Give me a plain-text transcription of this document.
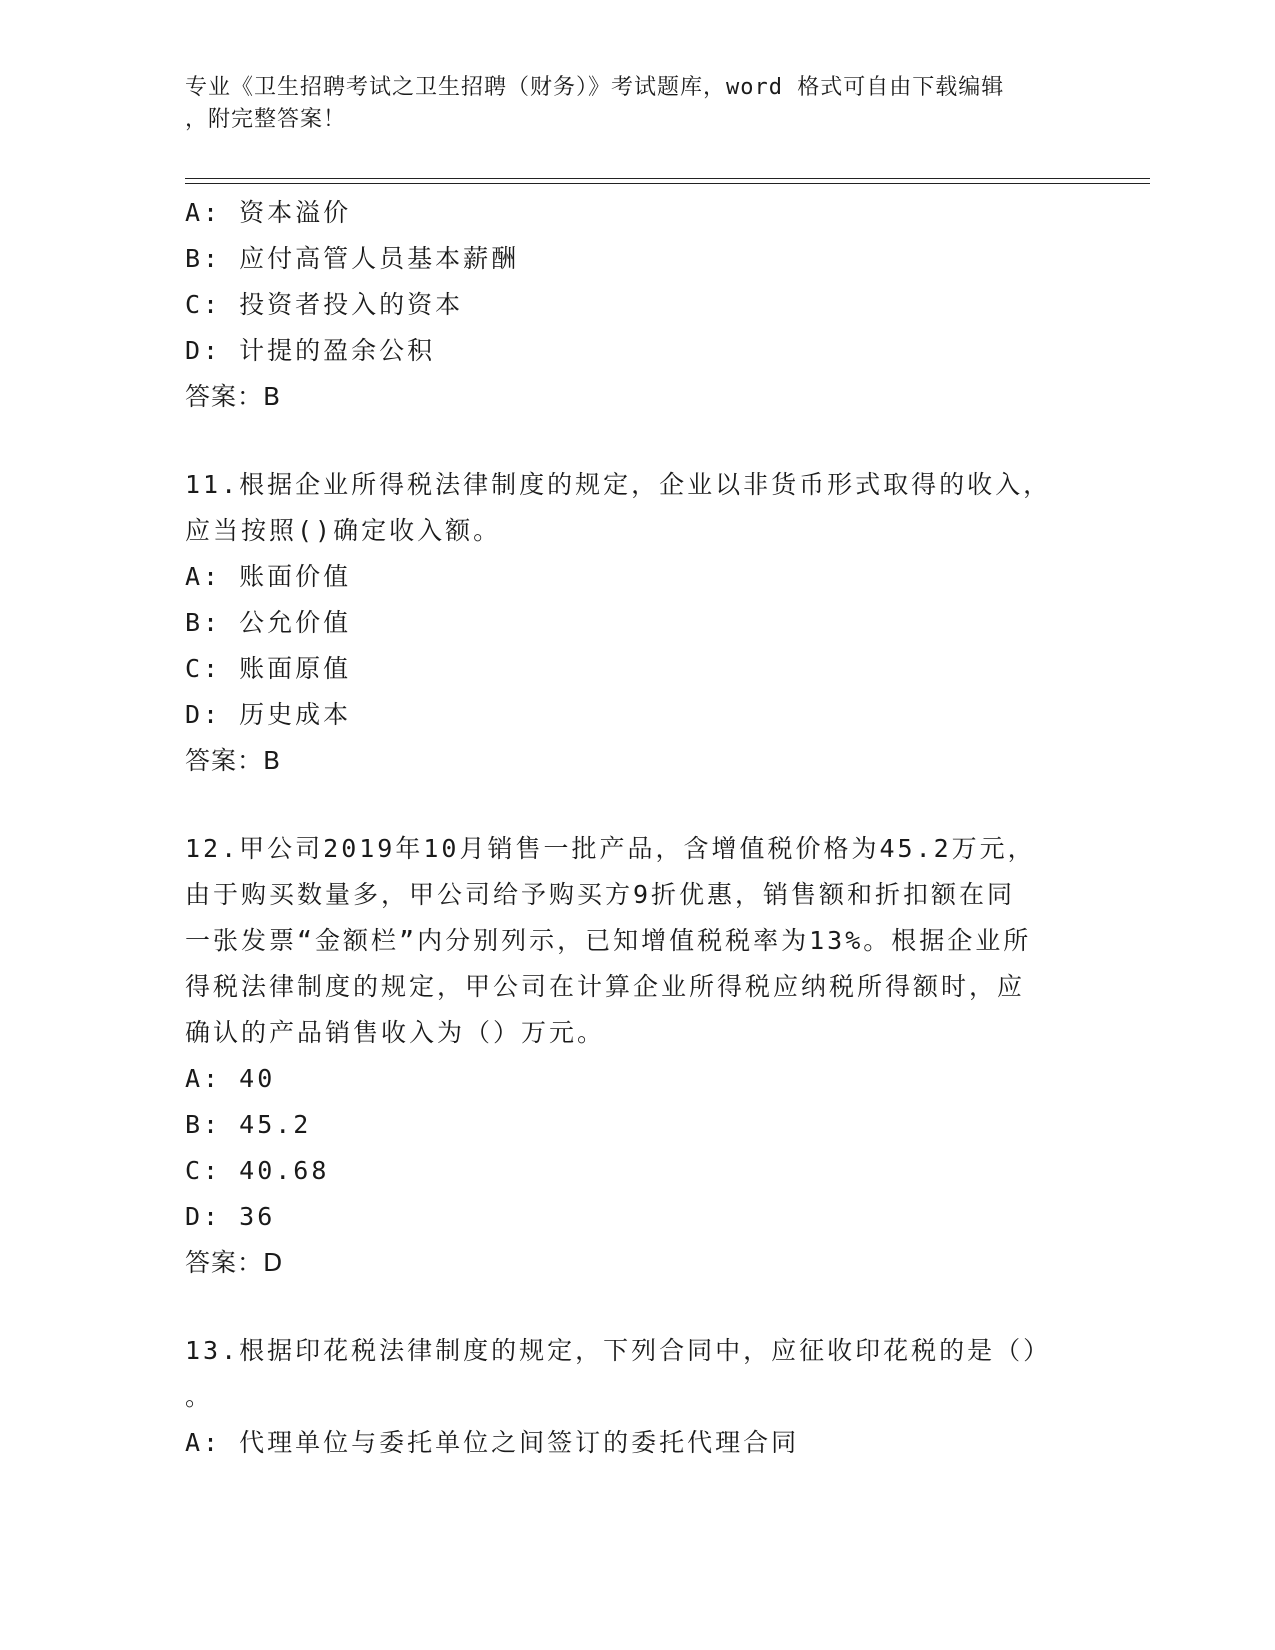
专业《卫生招聘考试之卫生招聘（财务）》考试题库，word 格式可自由下载编辑
，附完整答案！
A: 资本溢价
B: 应付高管人员基本薪酬
C: 投资者投入的资本
D: 计提的盈余公积
答案：B
11.根据企业所得税法律制度的规定，企业以非货币形式取得的收入，
应当按照()确定收入额。
A: 账面价值
B: 公允价值
C: 账面原值
D: 历史成本
答案：B
12.甲公司2019年10月销售一批产品，含增值税价格为45.2万元，
由于购买数量多，甲公司给予购买方9折优惠，销售额和折扣额在同
一张发票“金额栏”内分别列示，已知增值税税率为13%。根据企业所
得税法律制度的规定，甲公司在计算企业所得税应纳税所得额时，应
确认的产品销售收入为（）万元。
A: 40
B: 45.2
C: 40.68
D: 36
答案：D
13.根据印花税法律制度的规定，下列合同中，应征收印花税的是（）
。
A: 代理单位与委托单位之间签订的委托代理合同
